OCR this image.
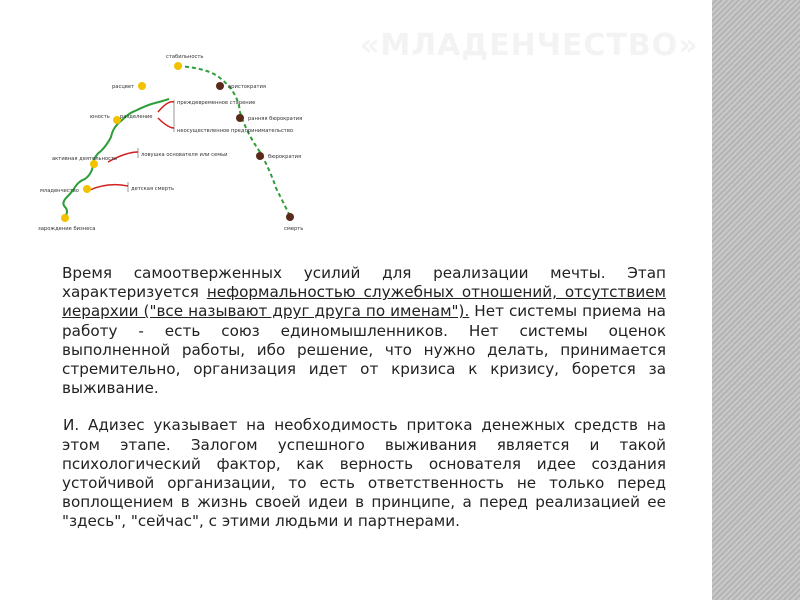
«МЛАДЕНЧЕСТВО»
зарождение бизнеса
младенчество
активная деятельность
юность
расцвет
стабильность
аристократия
ранняя бюрократия
бюрократия
смерть
разделение
преждевременное старение
неосуществленное предпринимательство
ловушка основателя или семьи
детская смерть

Время самоотверженных усилий для реализации мечты. Этап характеризуется неформальностью служебных отношений, отсутствием иерархии ("все называют друг друга по именам"). Нет системы приема на работу - есть союз единомышленников. Нет системы оценок выполненной работы, ибо решение, что нужно делать, принимается стремительно, организация идет от кризиса к кризису, борется за выживание.

И. Адизес указывает на необходимость притока денежных средств на этом этапе. Залогом успешного выживания является и такой психологический фактор, как верность основателя идее создания устойчивой организации, то есть ответственность не только перед воплощением в жизнь своей идеи в принципе, а перед реализацией ее "здесь", "сейчас", с этими людьми и партнерами.
